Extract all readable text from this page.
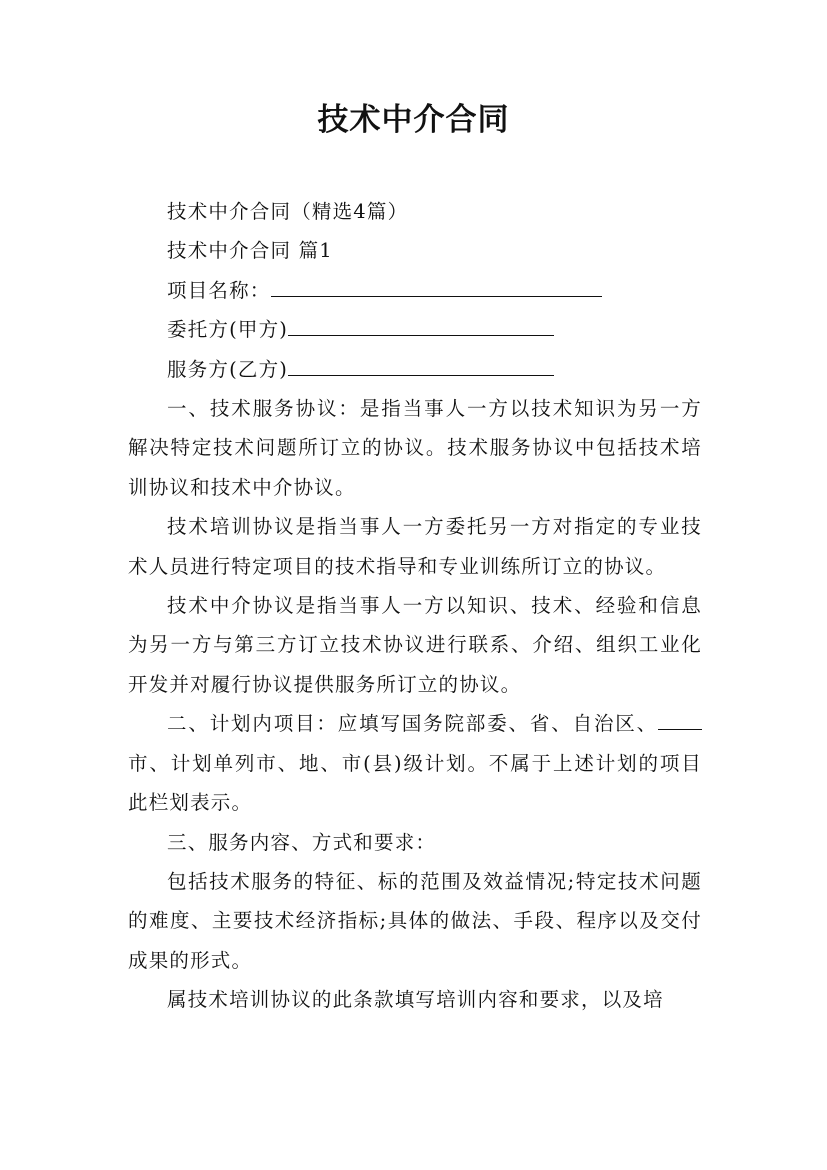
技术中介合同

技术中介合同（精选4篇）

技术中介合同 篇1

项目名称：

委托方(甲方)

服务方(乙方)

一、技术服务协议：是指当事人一方以技术知识为另一方解决特定技术问题所订立的协议。技术服务协议中包括技术培训协议和技术中介协议。

技术培训协议是指当事人一方委托另一方对指定的专业技术人员进行特定项目的技术指导和专业训练所订立的协议。

技术中介协议是指当事人一方以知识、技术、经验和信息为另一方与第三方订立技术协议进行联系、介绍、组织工业化开发并对履行协议提供服务所订立的协议。

二、计划内项目：应填写国务院部委、省、自治区、市、计划单列市、地、市(县)级计划。不属于上述计划的项目此栏划表示。

三、服务内容、方式和要求：

包括技术服务的特征、标的范围及效益情况;特定技术问题的难度、主要技术经济指标;具体的做法、手段、程序以及交付成果的形式。

属技术培训协议的此条款填写培训内容和要求，以及培
